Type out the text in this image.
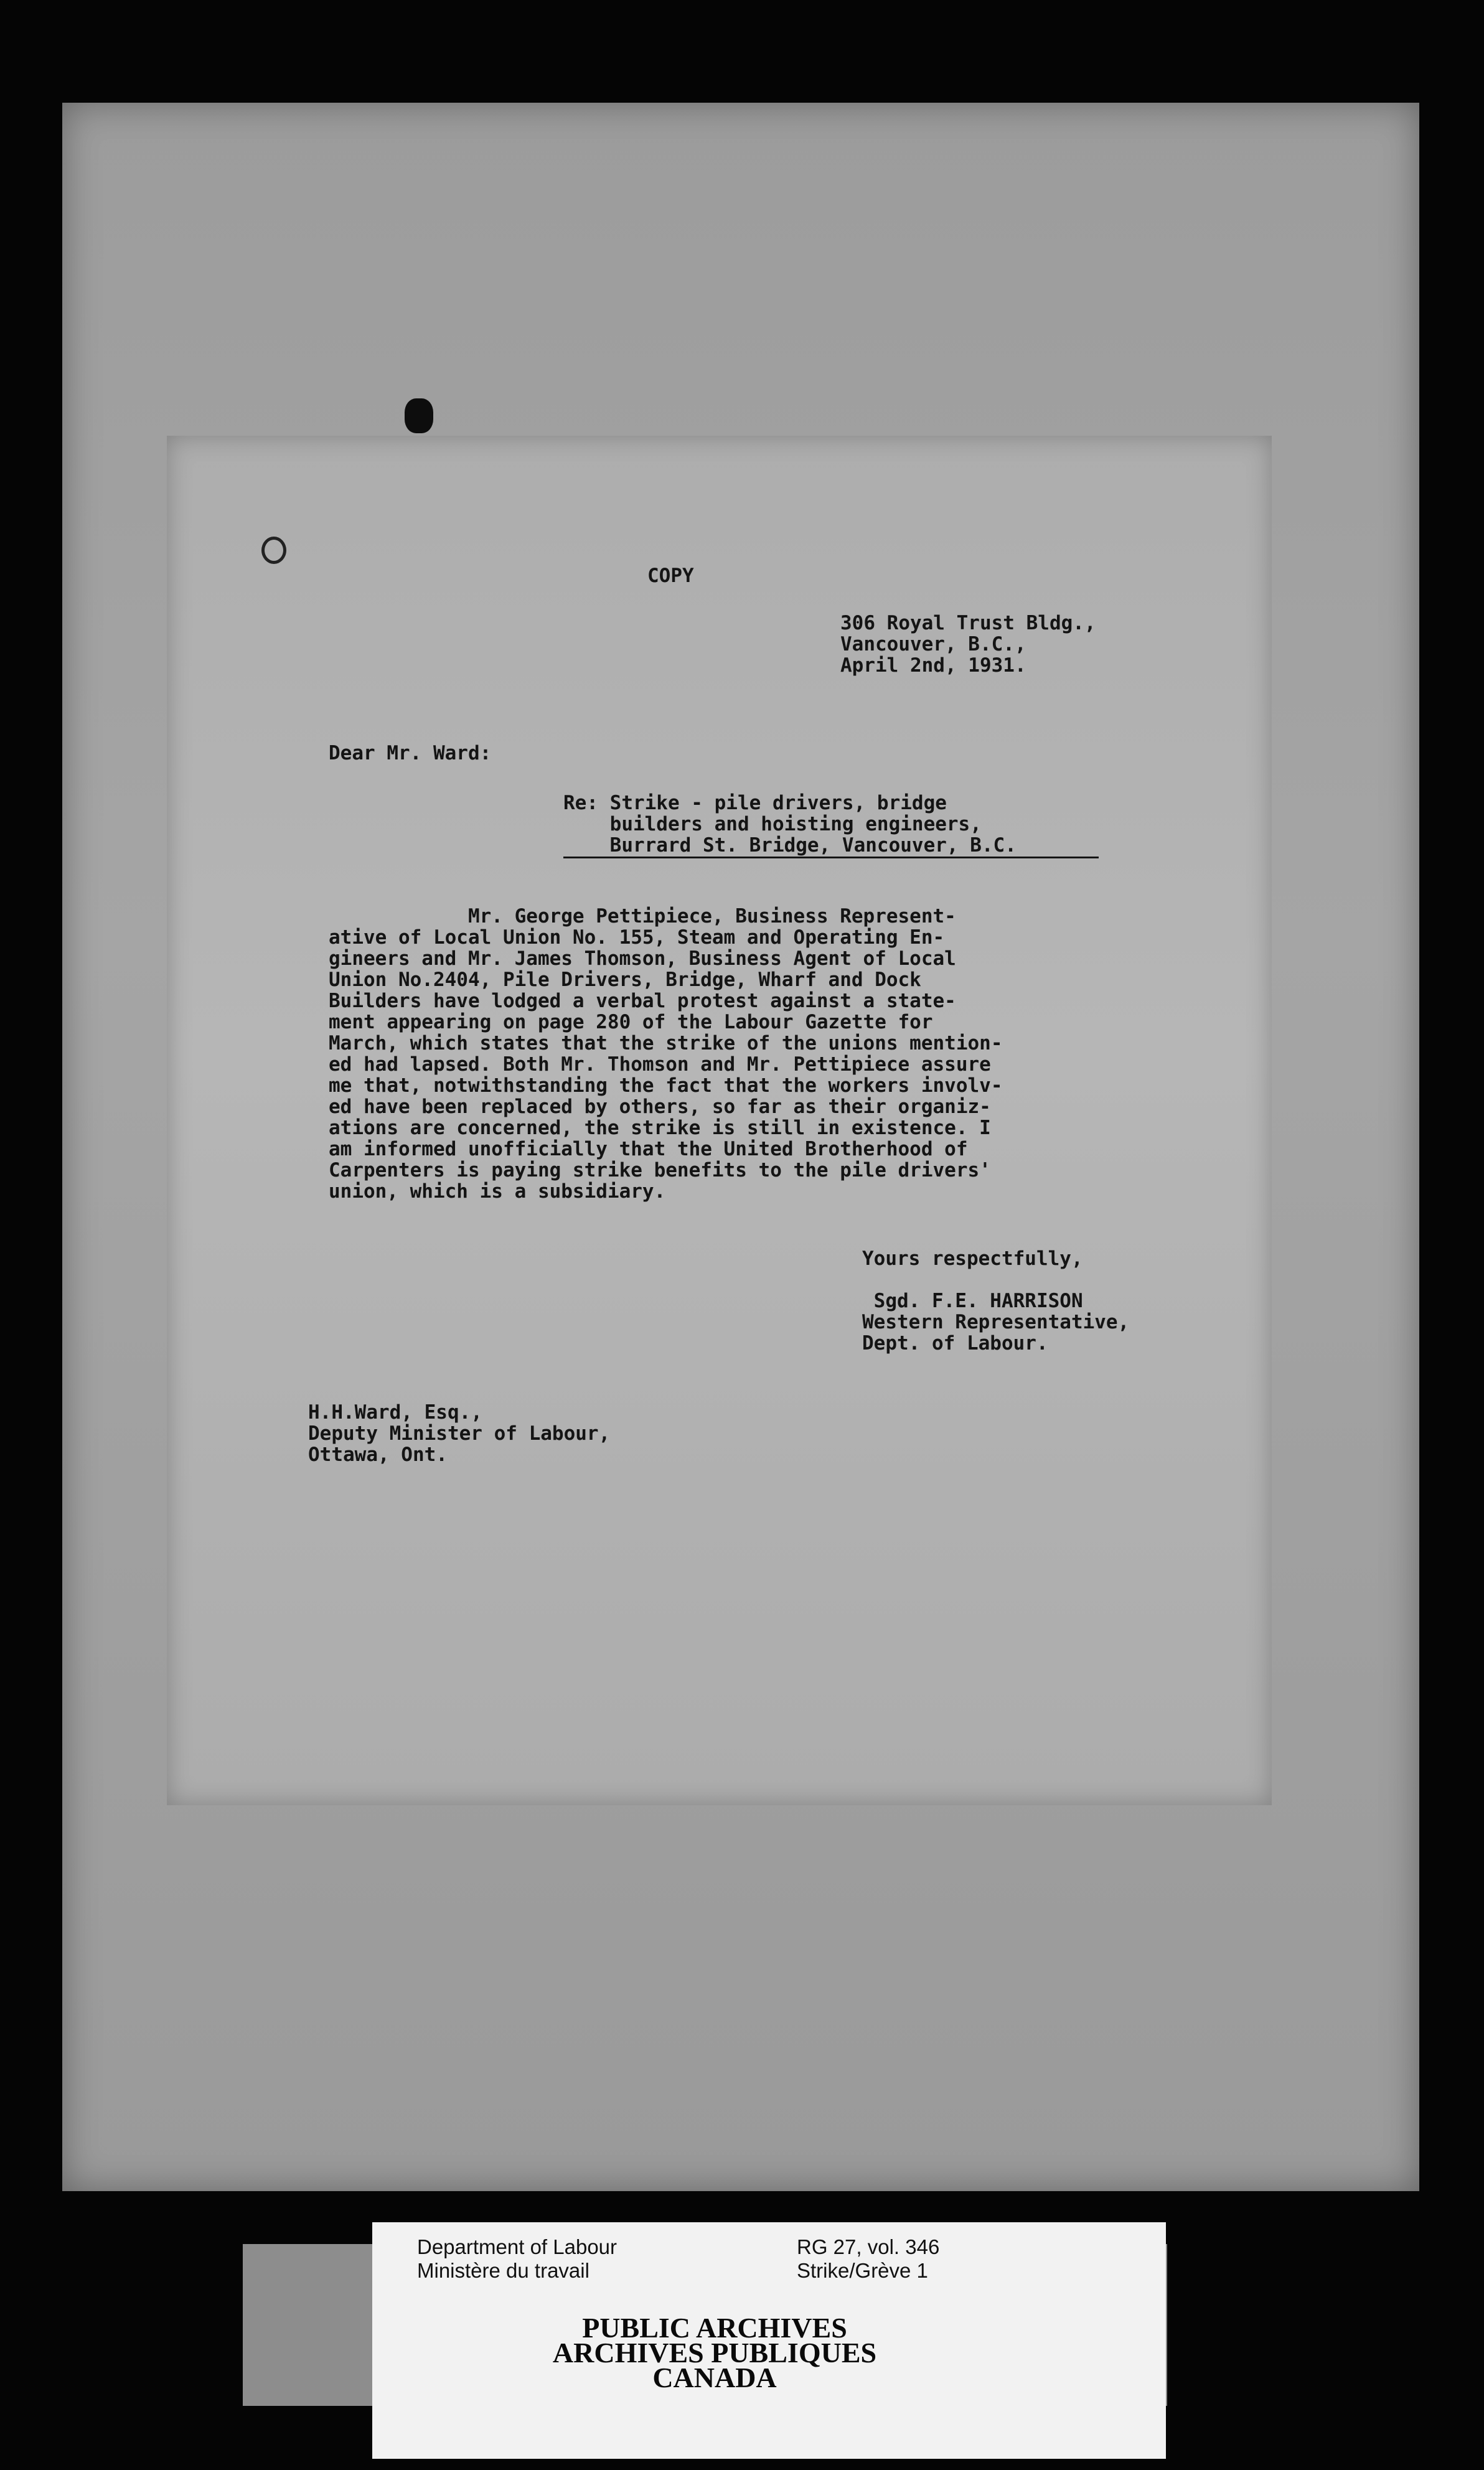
COPY

306 Royal Trust Bldg.,
Vancouver, B.C.,
April 2nd, 1931.

Dear Mr. Ward:

Re: Strike - pile drivers, bridge
builders and hoisting engineers,
Burrard St. Bridge, Vancouver, B.C.

Mr. George Pettipiece, Business Represent-
ative of Local Union No. 155, Steam and Operating En-
gineers and Mr. James Thomson, Business Agent of Local
Union No.2404, Pile Drivers, Bridge, Wharf and Dock
Builders have lodged a verbal protest against a state-
ment appearing on page 280 of the Labour Gazette for
March, which states that the strike of the unions mention-
ed had lapsed. Both Mr. Thomson and Mr. Pettipiece assure
me that, notwithstanding the fact that the workers involv-
ed have been replaced by others, so far as their organiz-
ations are concerned, the strike is still in existence. I
am informed unofficially that the United Brotherhood of
Carpenters is paying strike benefits to the pile drivers'
union, which is a subsidiary.

Yours respectfully,

Sgd. F.E. HARRISON
Western Representative,
Dept. of Labour.

H.H.Ward, Esq.,
Deputy Minister of Labour,
Ottawa, Ont.

Department of Labour

Ministère du travail

RG 27, vol. 346

Strike/Grève 1

PUBLIC ARCHIVES
ARCHIVES PUBLIQUES
CANADA
